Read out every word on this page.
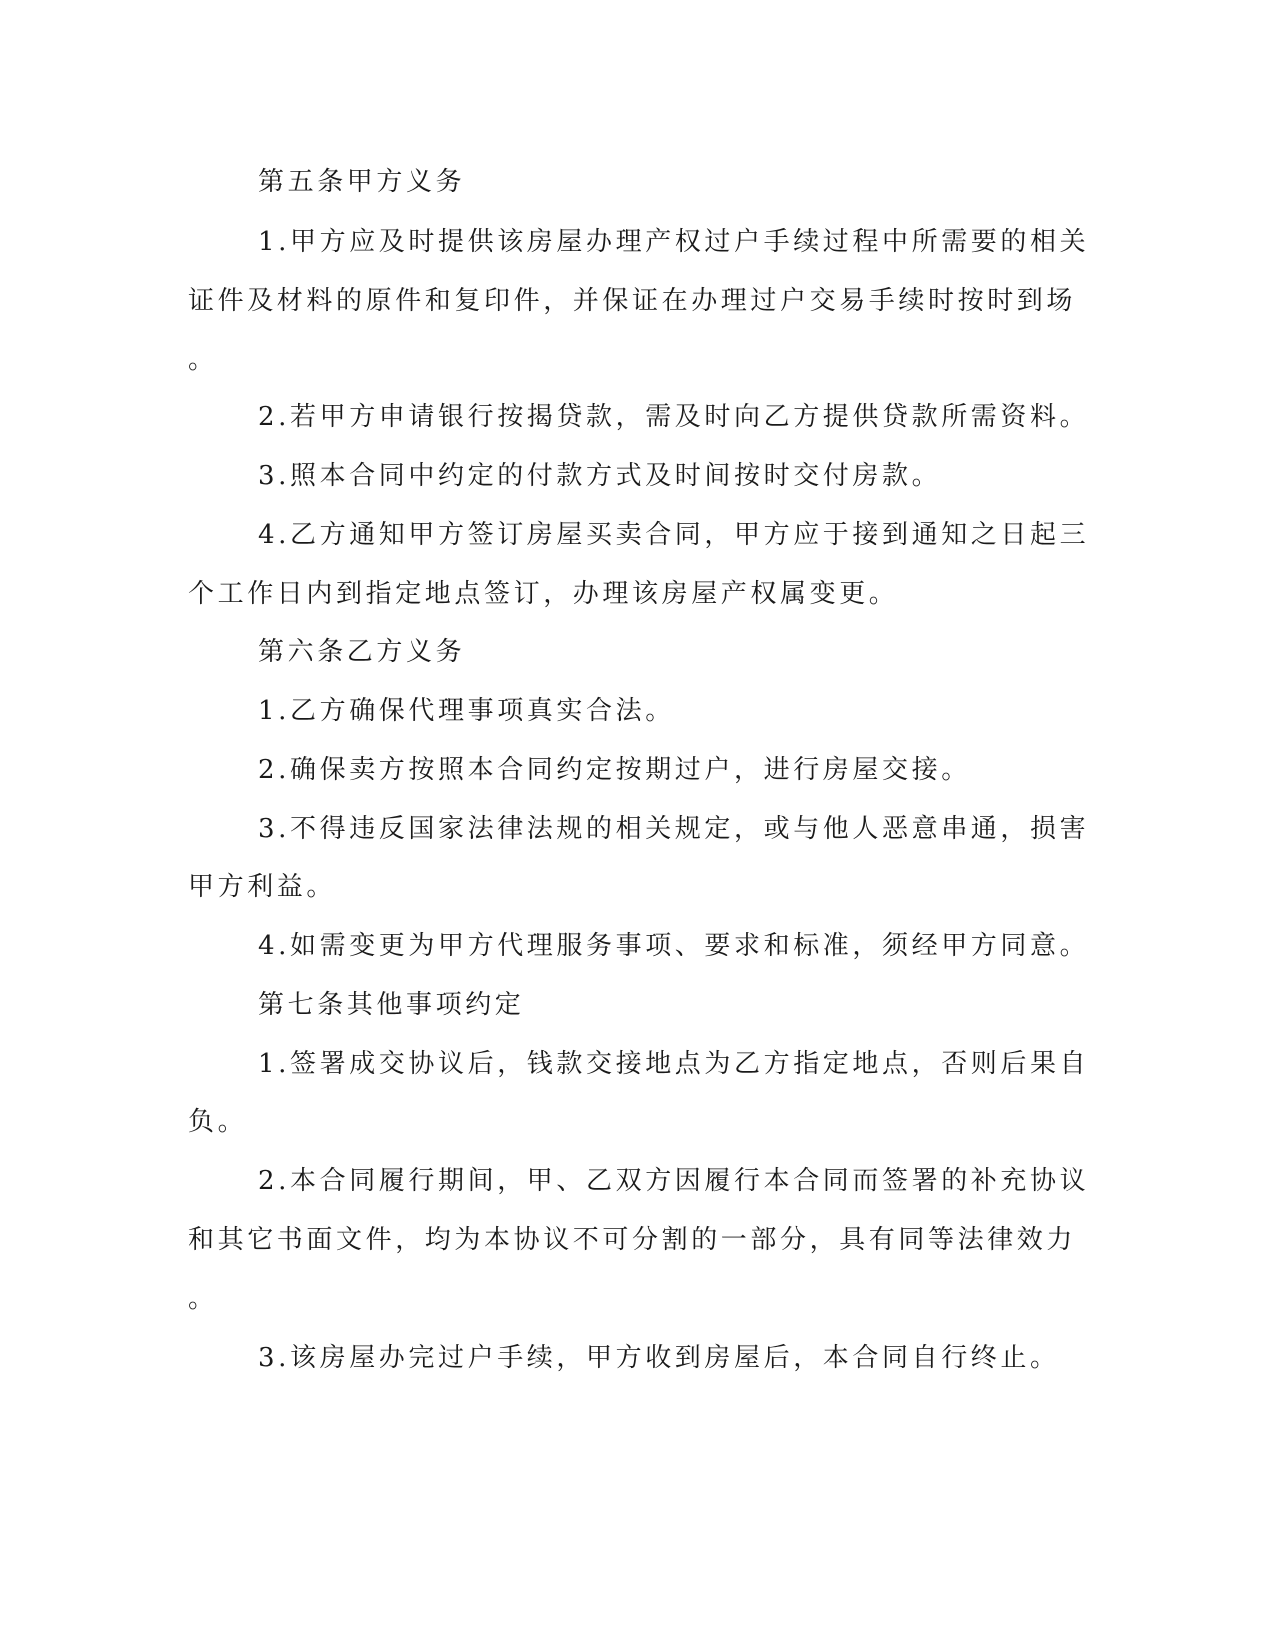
第五条甲方义务

1.甲方应及时提供该房屋办理产权过户手续过程中所需要的相关

证件及材料的原件和复印件，并保证在办理过户交易手续时按时到场

。

2.若甲方申请银行按揭贷款，需及时向乙方提供贷款所需资料。

3.照本合同中约定的付款方式及时间按时交付房款。

4.乙方通知甲方签订房屋买卖合同，甲方应于接到通知之日起三

个工作日内到指定地点签订，办理该房屋产权属变更。

第六条乙方义务

1.乙方确保代理事项真实合法。

2.确保卖方按照本合同约定按期过户，进行房屋交接。

3.不得违反国家法律法规的相关规定，或与他人恶意串通，损害

甲方利益。

4.如需变更为甲方代理服务事项、要求和标准，须经甲方同意。

第七条其他事项约定

1.签署成交协议后，钱款交接地点为乙方指定地点，否则后果自

负。

2.本合同履行期间，甲、乙双方因履行本合同而签署的补充协议

和其它书面文件，均为本协议不可分割的一部分，具有同等法律效力

。

3.该房屋办完过户手续，甲方收到房屋后，本合同自行终止。
